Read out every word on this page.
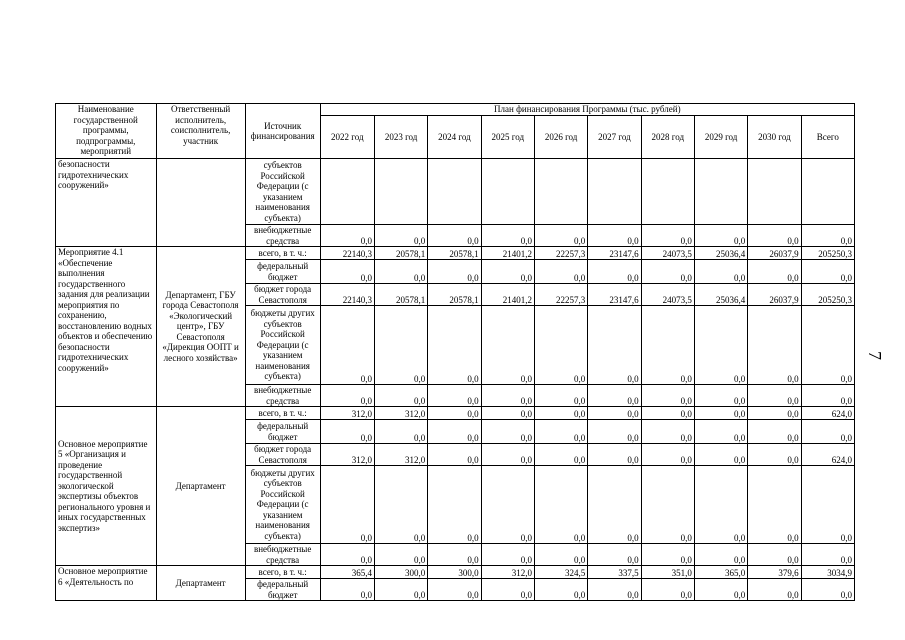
7
Наименование государственной программы, подпрограммы, мероприятий	Ответственный исполнитель, соисполнитель, участник	Источник финансирования	План финансирования Программы (тыс. рублей)									
			2022 год	2023 год	2024 год	2025 год	2026 год	2027 год	2028 год	2029 год	2030 год	Всего
безопасности гидротехнических сооружений»		субъектов Российской Федерации (с указанием наименования субъекта)										
		внебюджетные средства	0,0	0,0	0,0	0,0	0,0	0,0	0,0	0,0	0,0	0,0
Мероприятие 4.1 «Обеспечение выполнения государственного задания для реализации мероприятия по сохранению, восстановлению водных объектов и обеспечению безопасности гидротехнических сооружений»	Департамент, ГБУ города Севастополя «Экологический центр», ГБУ Севастополя «Дирекция ООПТ и лесного хозяйства»	всего, в т. ч.:	22140,3	20578,1	20578,1	21401,2	22257,3	23147,6	24073,5	25036,4	26037,9	205250,3
		федеральный бюджет	0,0	0,0	0,0	0,0	0,0	0,0	0,0	0,0	0,0	0,0
		бюджет города Севастополя	22140,3	20578,1	20578,1	21401,2	22257,3	23147,6	24073,5	25036,4	26037,9	205250,3
		бюджеты других субъектов Российской Федерации (с указанием наименования субъекта)	0,0	0,0	0,0	0,0	0,0	0,0	0,0	0,0	0,0	0,0
		внебюджетные средства	0,0	0,0	0,0	0,0	0,0	0,0	0,0	0,0	0,0	0,0
Основное мероприятие 5 «Организация и проведение государственной экологической экспертизы объектов регионального уровня и иных государственных экспертиз»	Департамент	всего, в т. ч.:	312,0	312,0	0,0	0,0	0,0	0,0	0,0	0,0	0,0	624,0
		федеральный бюджет	0,0	0,0	0,0	0,0	0,0	0,0	0,0	0,0	0,0	0,0
		бюджет города Севастополя	312,0	312,0	0,0	0,0	0,0	0,0	0,0	0,0	0,0	624,0
		бюджеты других субъектов Российской Федерации (с указанием наименования субъекта)	0,0	0,0	0,0	0,0	0,0	0,0	0,0	0,0	0,0	0,0
		внебюджетные средства	0,0	0,0	0,0	0,0	0,0	0,0	0,0	0,0	0,0	0,0
Основное мероприятие 6 «Деятельность по	Департамент	всего, в т. ч.:	365,4	300,0	300,0	312,0	324,5	337,5	351,0	365,0	379,6	3034,9
		федеральный бюджет	0,0	0,0	0,0	0,0	0,0	0,0	0,0	0,0	0,0	0,0
